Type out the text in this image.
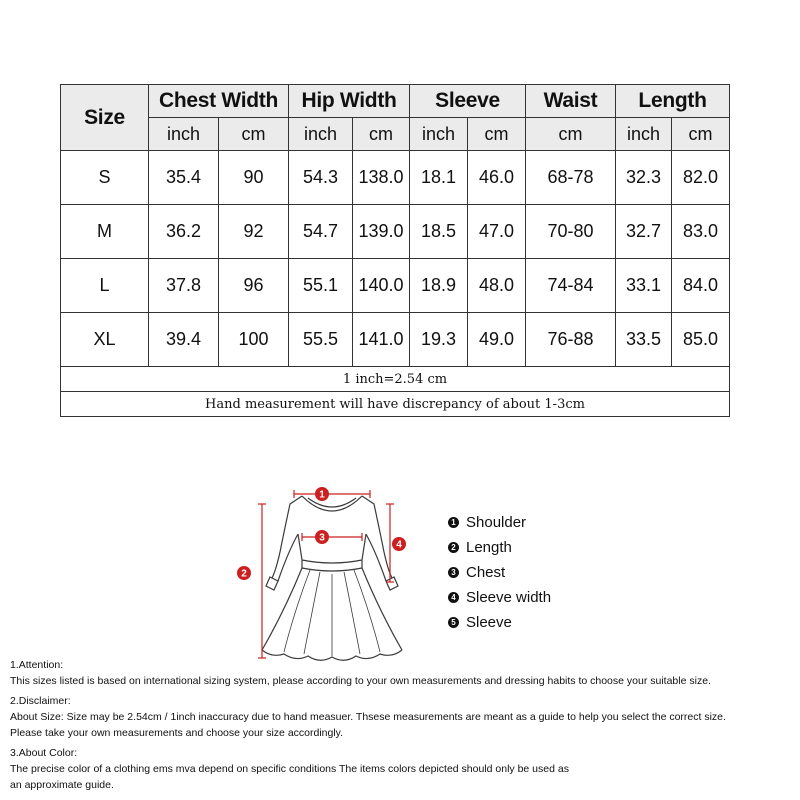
Size	Chest Width		Hip Width		Sleeve		Waist	Length	
	inch	cm	inch	cm	inch	cm	cm	inch	cm
S	35.4	90	54.3	138.0	18.1	46.0	68-78	32.3	82.0
M	36.2	92	54.7	139.0	18.5	47.0	70-80	32.7	83.0
L	37.8	96	55.1	140.0	18.9	48.0	74-84	33.1	84.0
XL	39.4	100	55.5	141.0	19.3	49.0	76-88	33.5	85.0
1 inch=2.54 cm									
Hand measurement will have discrepancy of about 1-3cm									
1
3
2
4
1 Shoulder
2 Length
3 Chest
4 Sleeve width
5 Sleeve
1.Attention:
This sizes listed is based on international sizing system, please according to your own measurements and dressing habits to choose your suitable size.
2.Disclaimer:
About Size: Size may be 2.54cm / 1inch inaccuracy due to hand measuer. Thsese measurements are meant as a guide to help you select the correct size.
Please take your own measurements and choose your size accordingly.
3.About Color:
The precise color of a clothing ems mva depend on specific conditions The items colors depicted should only be used as
an approximate guide.
